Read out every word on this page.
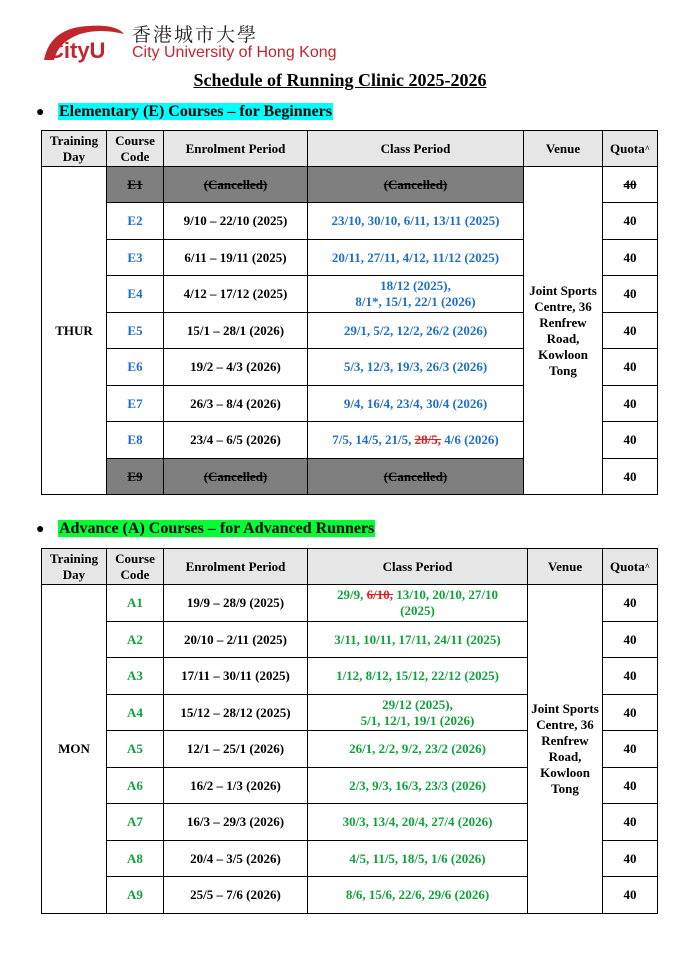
CityU
香港城市大學
City University of Hong Kong
Schedule of Running Clinic 2025-2026
● Elementary (E) Courses – for Beginners
Training Day	Course Code	Enrolment Period	Class Period	Venue	Quota^
THUR	E1	(Cancelled)	(Cancelled)	Joint Sports Centre, 36 Renfrew Road, Kowloon Tong	40
	E2	9/10 – 22/10 (2025)	23/10, 30/10, 6/11, 13/11 (2025)		40
	E3	6/11 – 19/11 (2025)	20/11, 27/11, 4/12, 11/12 (2025)		40
	E4	4/12 – 17/12 (2025)	18/12 (2025),
8/1*, 15/1, 22/1 (2026)		40
	E5	15/1 – 28/1 (2026)	29/1, 5/2, 12/2, 26/2 (2026)		40
	E6	19/2 – 4/3 (2026)	5/3, 12/3, 19/3, 26/3 (2026)		40
	E7	26/3 – 8/4 (2026)	9/4, 16/4, 23/4, 30/4 (2026)		40
	E8	23/4 – 6/5 (2026)	7/5, 14/5, 21/5, 28/5, 4/6 (2026)		40
	E9	(Cancelled)	(Cancelled)		40
● Advance (A) Courses – for Advanced Runners
Training Day	Course Code	Enrolment Period	Class Period	Venue	Quota^
MON	A1	19/9 – 28/9 (2025)	29/9, 6/10, 13/10, 20/10, 27/10
(2025)	Joint Sports Centre, 36 Renfrew Road, Kowloon Tong	40
	A2	20/10 – 2/11 (2025)	3/11, 10/11, 17/11, 24/11 (2025)		40
	A3	17/11 – 30/11 (2025)	1/12, 8/12, 15/12, 22/12 (2025)		40
	A4	15/12 – 28/12 (2025)	29/12 (2025),
5/1, 12/1, 19/1 (2026)		40
	A5	12/1 – 25/1 (2026)	26/1, 2/2, 9/2, 23/2 (2026)		40
	A6	16/2 – 1/3 (2026)	2/3, 9/3, 16/3, 23/3 (2026)		40
	A7	16/3 – 29/3 (2026)	30/3, 13/4, 20/4, 27/4 (2026)		40
	A8	20/4 – 3/5 (2026)	4/5, 11/5, 18/5, 1/6 (2026)		40
	A9	25/5 – 7/6 (2026)	8/6, 15/6, 22/6, 29/6 (2026)		40
